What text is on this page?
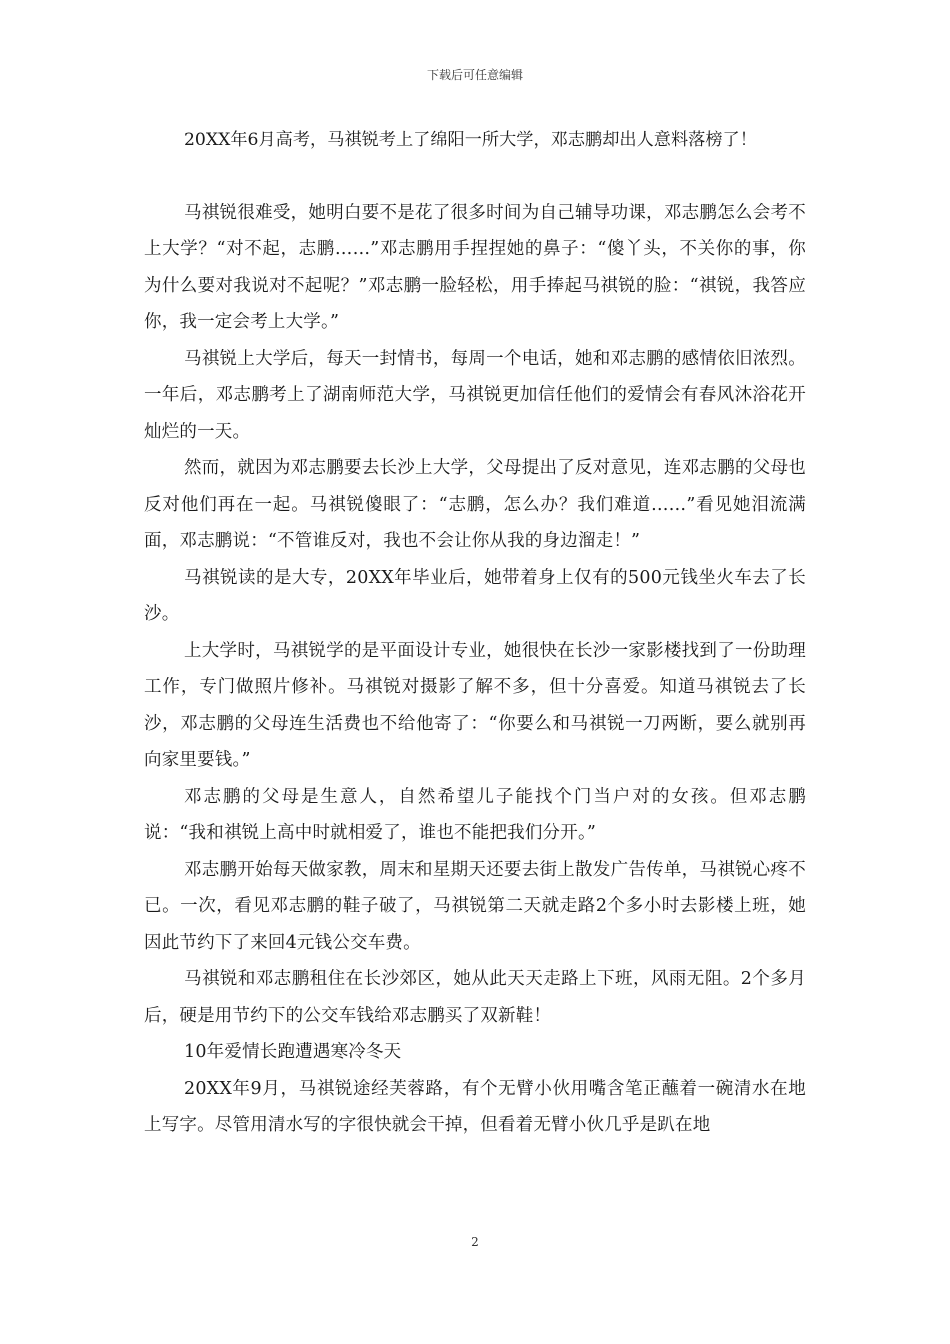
下载后可任意编辑

20XX年6月高考，马祺锐考上了绵阳一所大学，邓志鹏却出人意料落榜了！

马祺锐很难受，她明白要不是花了很多时间为自己辅导功课，邓志鹏怎么会考不上大学？“对不起，志鹏……”邓志鹏用手捏捏她的鼻子：“傻丫头，不关你的事，你为什么要对我说对不起呢？”邓志鹏一脸轻松，用手捧起马祺锐的脸：“祺锐，我答应你，我一定会考上大学。”

马祺锐上大学后，每天一封情书，每周一个电话，她和邓志鹏的感情依旧浓烈。一年后，邓志鹏考上了湖南师范大学，马祺锐更加信任他们的爱情会有春风沐浴花开灿烂的一天。

然而，就因为邓志鹏要去长沙上大学，父母提出了反对意见，连邓志鹏的父母也反对他们再在一起。马祺锐傻眼了：“志鹏，怎么办？我们难道……”看见她泪流满面，邓志鹏说：“不管谁反对，我也不会让你从我的身边溜走！”

马祺锐读的是大专，20XX年毕业后，她带着身上仅有的500元钱坐火车去了长沙。

上大学时，马祺锐学的是平面设计专业，她很快在长沙一家影楼找到了一份助理工作，专门做照片修补。马祺锐对摄影了解不多，但十分喜爱。知道马祺锐去了长沙，邓志鹏的父母连生活费也不给他寄了：“你要么和马祺锐一刀两断，要么就别再向家里要钱。”

邓志鹏的父母是生意人，自然希望儿子能找个门当户对的女孩。但邓志鹏说：“我和祺锐上高中时就相爱了，谁也不能把我们分开。”

邓志鹏开始每天做家教，周末和星期天还要去街上散发广告传单，马祺锐心疼不已。一次，看见邓志鹏的鞋子破了，马祺锐第二天就走路2个多小时去影楼上班，她因此节约下了来回4元钱公交车费。

马祺锐和邓志鹏租住在长沙郊区，她从此天天走路上下班，风雨无阻。2个多月后，硬是用节约下的公交车钱给邓志鹏买了双新鞋！

10年爱情长跑遭遇寒冷冬天

20XX年9月，马祺锐途经芙蓉路，有个无臂小伙用嘴含笔正蘸着一碗清水在地上写字。尽管用清水写的字很快就会干掉，但看着无臂小伙几乎是趴在地

2
